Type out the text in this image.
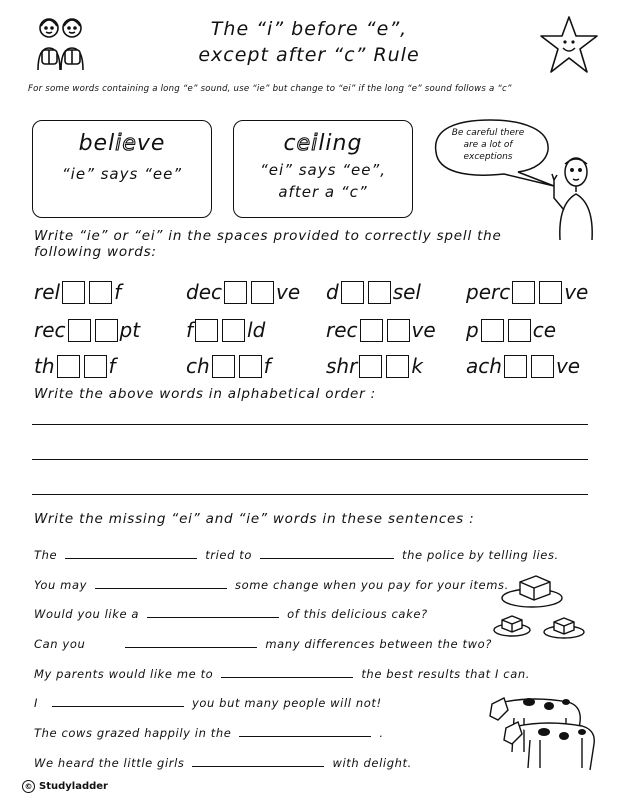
The “i” before “e”,
except after “c” Rule
For some words containing a long “e” sound, use “ie” but change to “ei” if the long “e” sound follows a “c”
believe
“ie” says “ee”
ceiling
“ei” says “ee”,
after a “c”
Be careful there
are a lot of
exceptions
Write “ie” or “ei” in the spaces provided to correctly spell the
following words:
rel	f	dec	ve d	sel perc	ve
rec	pt f	ld	rec	ve p	ce
th	f	ch	f	shr	k ach	ve
Write the above words in alphabetical order :
Write the missing “ei” and “ie” words in these sentences :
The	tried to	the police by telling lies.
You may	some change when you pay for your items.
Would you like a	of this delicious cake?
Can you	many differences between the two?
My parents would like me to	the best results that I can.
I	you but many people will not!
The cows grazed happily in the	.
We heard the little girls	with delight.
© Studyladder
